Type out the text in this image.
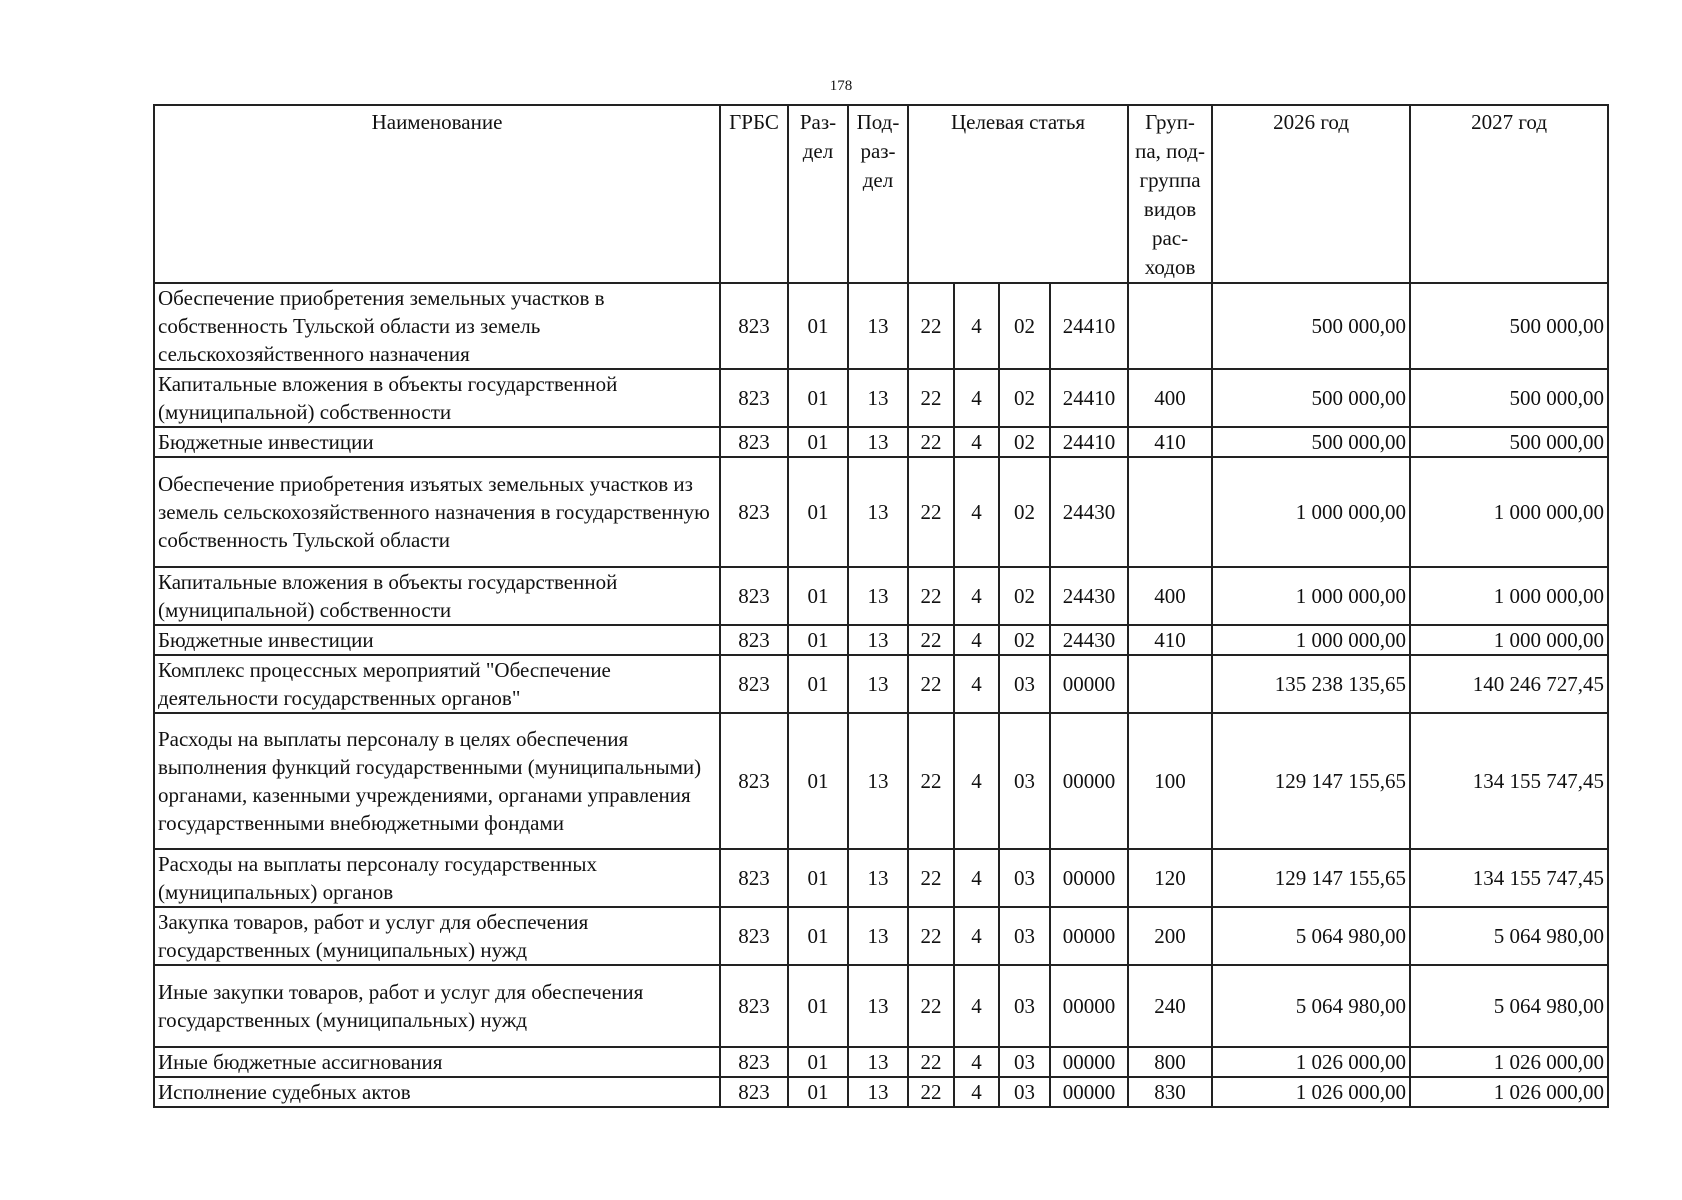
178
Наименование	ГРБС	Раз- дел	Под- раз- дел	Целевая статья				Груп- па, под- группа видов рас- ходов	2026 год	2027 год
Обеспечение приобретения земельных участков в собственность Тульской области из земель сельскохозяйственного назначения	823	01	13	22	4	02	24410		500 000,00	500 000,00
Капитальные вложения в объекты государственной (муниципальной) собственности	823	01	13	22	4	02	24410	400	500 000,00	500 000,00
Бюджетные инвестиции	823	01	13	22	4	02	24410	410	500 000,00	500 000,00
Обеспечение приобретения изъятых земельных участков из земель сельскохозяйственного назначения в государственную собственность Тульской области	823	01	13	22	4	02	24430		1 000 000,00	1 000 000,00
Капитальные вложения в объекты государственной (муниципальной) собственности	823	01	13	22	4	02	24430	400	1 000 000,00	1 000 000,00
Бюджетные инвестиции	823	01	13	22	4	02	24430	410	1 000 000,00	1 000 000,00
Комплекс процессных мероприятий "Обеспечение деятельности государственных органов"	823	01	13	22	4	03	00000		135 238 135,65	140 246 727,45
Расходы на выплаты персоналу в целях обеспечения выполнения функций государственными (муниципальными) органами, казенными учреждениями, органами управления государственными внебюджетными фондами	823	01	13	22	4	03	00000	100	129 147 155,65	134 155 747,45
Расходы на выплаты персоналу государственных (муниципальных) органов	823	01	13	22	4	03	00000	120	129 147 155,65	134 155 747,45
Закупка товаров, работ и услуг для обеспечения государственных (муниципальных) нужд	823	01	13	22	4	03	00000	200	5 064 980,00	5 064 980,00
Иные закупки товаров, работ и услуг для обеспечения государственных (муниципальных) нужд	823	01	13	22	4	03	00000	240	5 064 980,00	5 064 980,00
Иные бюджетные ассигнования	823	01	13	22	4	03	00000	800	1 026 000,00	1 026 000,00
Исполнение судебных актов	823	01	13	22	4	03	00000	830	1 026 000,00	1 026 000,00
